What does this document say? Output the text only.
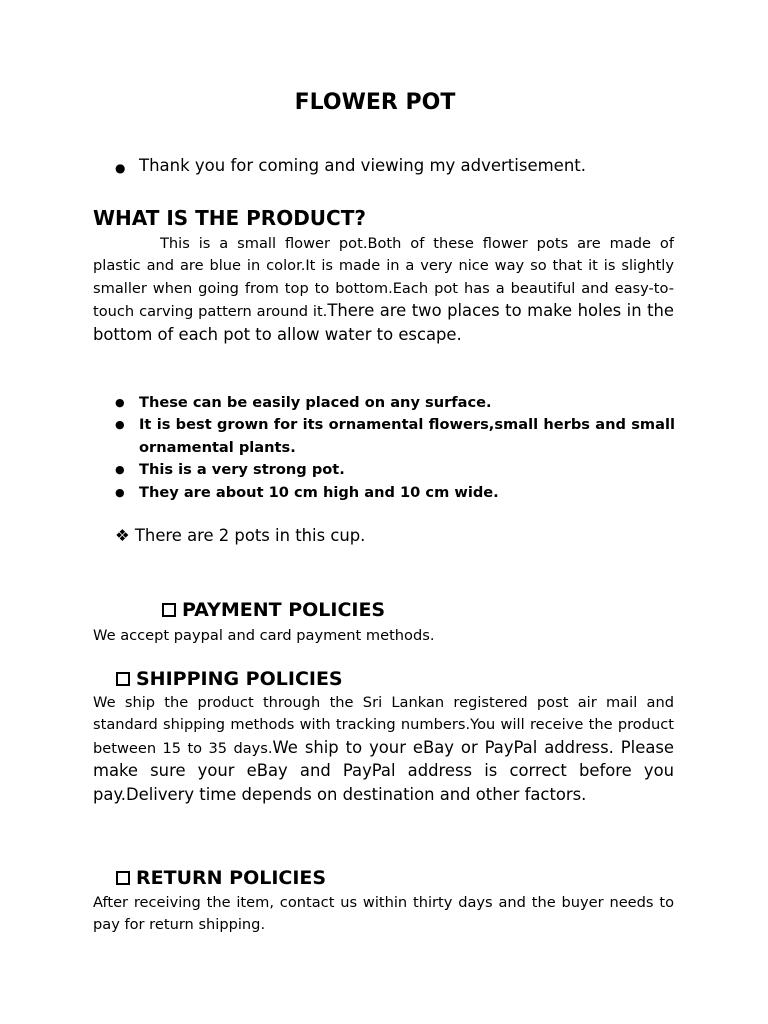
FLOWER POT
● Thank you for coming and viewing my advertisement.
WHAT IS THE PRODUCT?

This is a small flower pot.Both of these flower pots are made of plastic and are blue in color.It is made in a very nice way so that it is slightly smaller when going from top to bottom.Each pot has a beautiful and easy-to-touch carving pattern around it.There are two places to make holes in the bottom of each pot to allow water to escape.

● These can be easily placed on any surface.
● It is best grown for its ornamental flowers,small herbs and small ornamental plants.
● This is a very strong pot.
● They are about 10 cm high and 10 cm wide.
❖ There are 2 pots in this cup.
PAYMENT POLICIES

We accept paypal and card payment methods.

SHIPPING POLICIES

We ship the product through the Sri Lankan registered post air mail and standard shipping methods with tracking numbers.You will receive the product between 15 to 35 days.We ship to your eBay or PayPal address. Please make sure your eBay and PayPal address is correct before you pay.Delivery time depends on destination and other factors.

RETURN POLICIES

After receiving the item, contact us within thirty days and the buyer needs to pay for return shipping.
